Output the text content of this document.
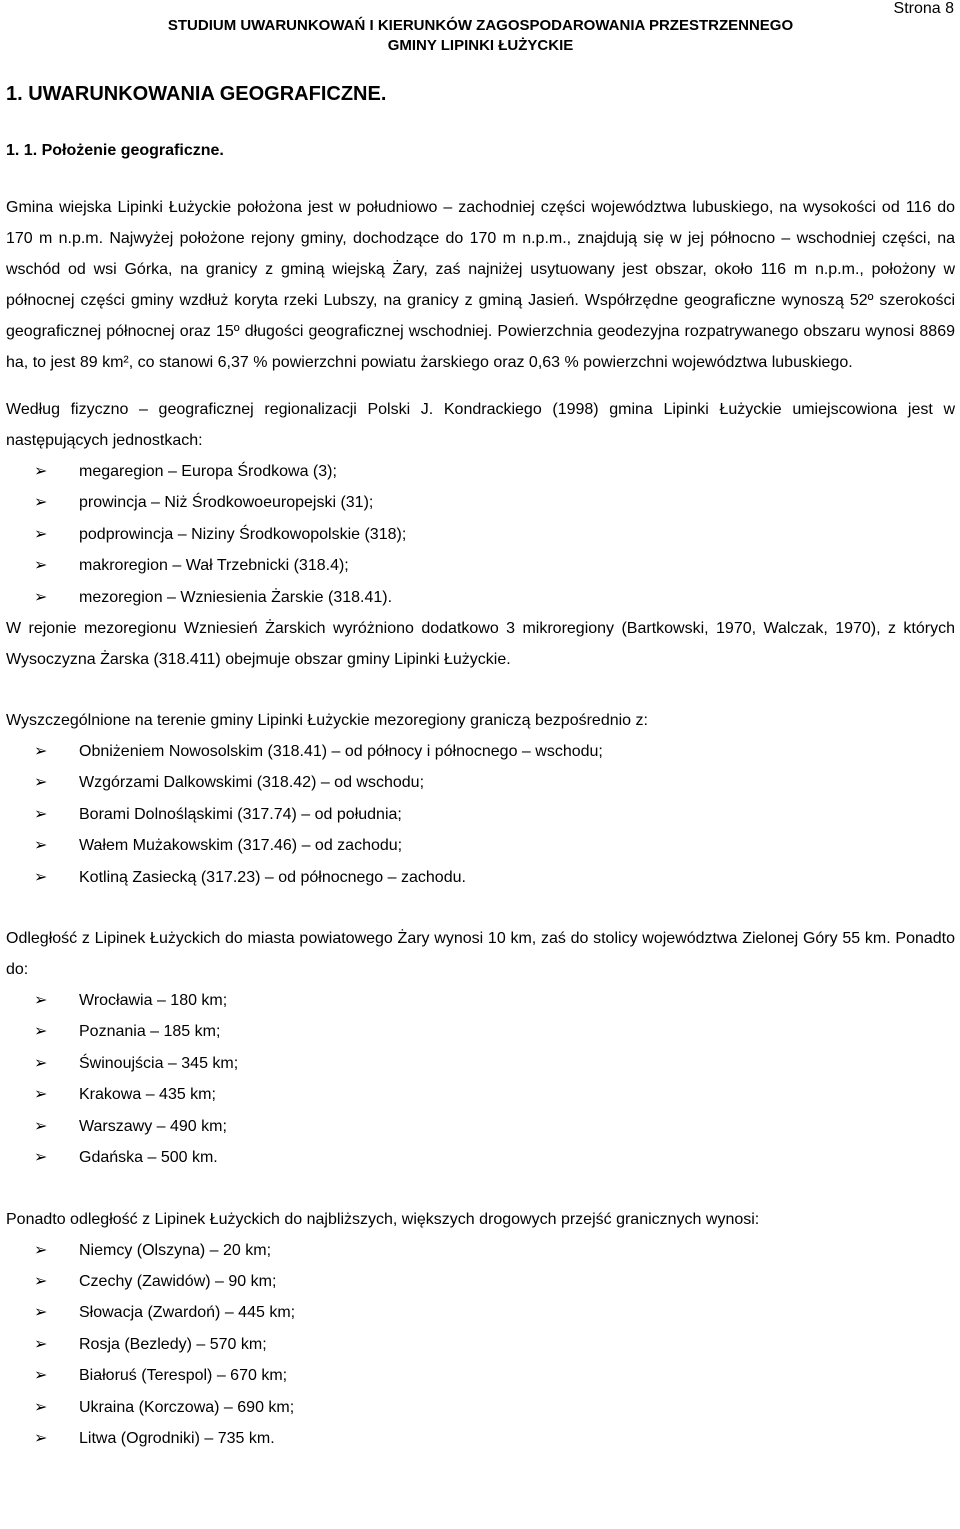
Strona 8
STUDIUM UWARUNKOWAŃ I KIERUNKÓW ZAGOSPODAROWANIA PRZESTRZENNEGO
GMINY LIPINKI ŁUŻYCKIE
1. UWARUNKOWANIA GEOGRAFICZNE.
1. 1. Położenie geograficzne.

Gmina wiejska Lipinki Łużyckie położona jest w południowo – zachodniej części województwa lubuskiego, na wysokości od 116 do 170 m n.p.m. Najwyżej położone rejony gminy, dochodzące do 170 m n.p.m., znajdują się w jej północno – wschodniej części, na wschód od wsi Górka, na granicy z gminą wiejską Żary, zaś najniżej usytuowany jest obszar, około 116 m n.p.m., położony w północnej części gminy wzdłuż koryta rzeki Lubszy, na granicy z gminą Jasień. Współrzędne geograficzne wynoszą 52º szerokości geograficznej północnej oraz 15º długości geograficznej wschodniej. Powierzchnia geodezyjna rozpatrywanego obszaru wynosi 8869 ha, to jest 89 km², co stanowi 6,37 % powierzchni powiatu żarskiego oraz 0,63 % powierzchni województwa lubuskiego.

Według fizyczno – geograficznej regionalizacji Polski J. Kondrackiego (1998) gmina Lipinki Łużyckie umiejscowiona jest w następujących jednostkach:

➢ megaregion – Europa Środkowa (3);
➢ prowincja – Niż Środkowoeuropejski (31);
➢ podprowincja – Niziny Środkowopolskie (318);
➢ makroregion – Wał Trzebnicki (318.4);
➢ mezoregion – Wzniesienia Żarskie (318.41).

W rejonie mezoregionu Wzniesień Żarskich wyróżniono dodatkowo 3 mikroregiony (Bartkowski, 1970, Walczak, 1970), z których Wysoczyzna Żarska (318.411) obejmuje obszar gminy Lipinki Łużyckie.

Wyszczególnione na terenie gminy Lipinki Łużyckie mezoregiony graniczą bezpośrednio z:

➢ Obniżeniem Nowosolskim (318.41) – od północy i północnego – wschodu;
➢ Wzgórzami Dalkowskimi (318.42) – od wschodu;
➢ Borami Dolnośląskimi (317.74) – od południa;
➢ Wałem Mużakowskim (317.46) – od zachodu;
➢ Kotliną Zasiecką (317.23) – od północnego – zachodu.

Odległość z Lipinek Łużyckich do miasta powiatowego Żary wynosi 10 km, zaś do stolicy województwa Zielonej Góry 55 km. Ponadto do:

➢ Wrocławia – 180 km;
➢ Poznania – 185 km;
➢ Świnoujścia – 345 km;
➢ Krakowa – 435 km;
➢ Warszawy – 490 km;
➢ Gdańska – 500 km.

Ponadto odległość z Lipinek Łużyckich do najbliższych, większych drogowych przejść granicznych wynosi:

➢ Niemcy (Olszyna) – 20 km;
➢ Czechy (Zawidów) – 90 km;
➢ Słowacja (Zwardoń) – 445 km;
➢ Rosja (Bezledy) – 570 km;
➢ Białoruś (Terespol) – 670 km;
➢ Ukraina (Korczowa) – 690 km;
➢ Litwa (Ogrodniki) – 735 km.
